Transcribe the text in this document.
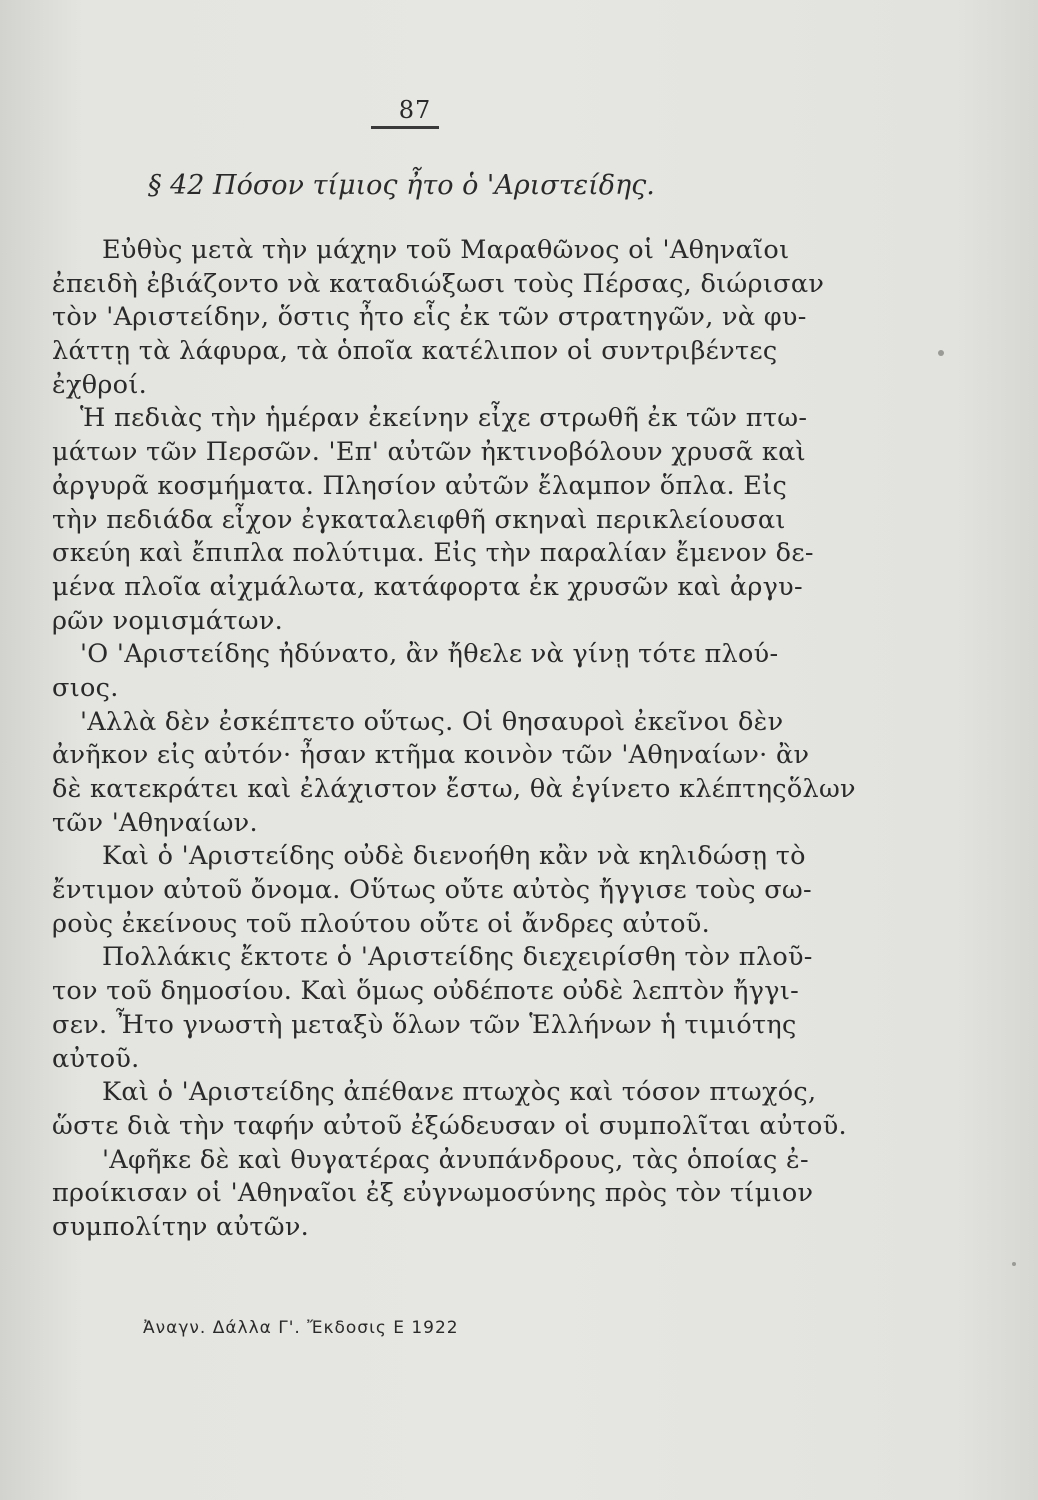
87
§ 42 Πόσον τίμιος ἦτο ὁ 'Αριστείδης.
Εὐθὺς μετὰ τὴν μάχην τοῦ Μαραθῶνος οἱ 'Αθηναῖοι
ἐπειδὴ ἐβιάζοντο νὰ καταδιώξωσι τοὺς Πέρσας, διώρισαν
τὸν 'Αριστείδην, ὅστις ἦτο εἷς ἐκ τῶν στρατηγῶν, νὰ φυ-
λάττῃ τὰ λάφυρα, τὰ ὁποῖα κατέλιπον οἱ συντριβέντες
ἐχθροί.
Ἡ πεδιὰς τὴν ἡμέραν ἐκείνην εἶχε στρωθῆ ἐκ τῶν πτω-
μάτων τῶν Περσῶν. 'Επ' αὐτῶν ἠκτινοβόλουν χρυσᾶ καὶ
ἀργυρᾶ κοσμήματα. Πλησίον αὐτῶν ἔλαμπον ὅπλα. Εἰς
τὴν πεδιάδα εἶχον ἐγκαταλειφθῆ σκηναὶ περικλείουσαι
σκεύη καὶ ἔπιπλα πολύτιμα. Εἰς τὴν παραλίαν ἔμενον δε-
μένα πλοῖα αἰχμάλωτα, κατάφορτα ἐκ χρυσῶν καὶ ἀργυ-
ρῶν νομισμάτων.
'Ο 'Αριστείδης ἠδύνατο, ἂν ἤθελε νὰ γίνῃ τότε πλού-
σιος.
'Αλλὰ δὲν ἐσκέπτετο οὕτως. Οἱ θησαυροὶ ἐκεῖνοι δὲν
ἀνῆκον εἰς αὐτόν· ἦσαν κτῆμα κοινὸν τῶν 'Αθηναίων· ἂν
δὲ κατεκράτει καὶ ἐλάχιστον ἔστω, θὰ ἐγίνετο κλέπτηςὅλων
τῶν 'Αθηναίων.
Καὶ ὁ 'Αριστείδης οὐδὲ διενοήθη κἂν νὰ κηλιδώσῃ τὸ
ἔντιμον αὐτοῦ ὄνομα. Οὕτως οὔτε αὐτὸς ἤγγισε τοὺς σω-
ροὺς ἐκείνους τοῦ πλούτου οὔτε οἱ ἄνδρες αὐτοῦ.
Πολλάκις ἔκτοτε ὁ 'Αριστείδης διεχειρίσθη τὸν πλοῦ-
τον τοῦ δημοσίου. Καὶ ὅμως οὐδέποτε οὐδὲ λεπτὸν ἤγγι-
σεν. Ἦτο γνωστὴ μεταξὺ ὅλων τῶν Ἑλλήνων ἡ τιμιότης
αὐτοῦ.
Καὶ ὁ 'Αριστείδης ἀπέθανε πτωχὸς καὶ τόσον πτωχός,
ὥστε διὰ τὴν ταφήν αὐτοῦ ἐξώδευσαν οἱ συμπολῖται αὐτοῦ.
'Αφῆκε δὲ καὶ θυγατέρας ἀνυπάνδρους, τὰς ὁποίας ἐ-
προίκισαν οἱ 'Αθηναῖοι ἐξ εὐγνωμοσύνης πρὸς τὸν τίμιον
συμπολίτην αὐτῶν.
Ἀναγν. Δάλλα Γ'. Ἔκδοσις Ε 1922
